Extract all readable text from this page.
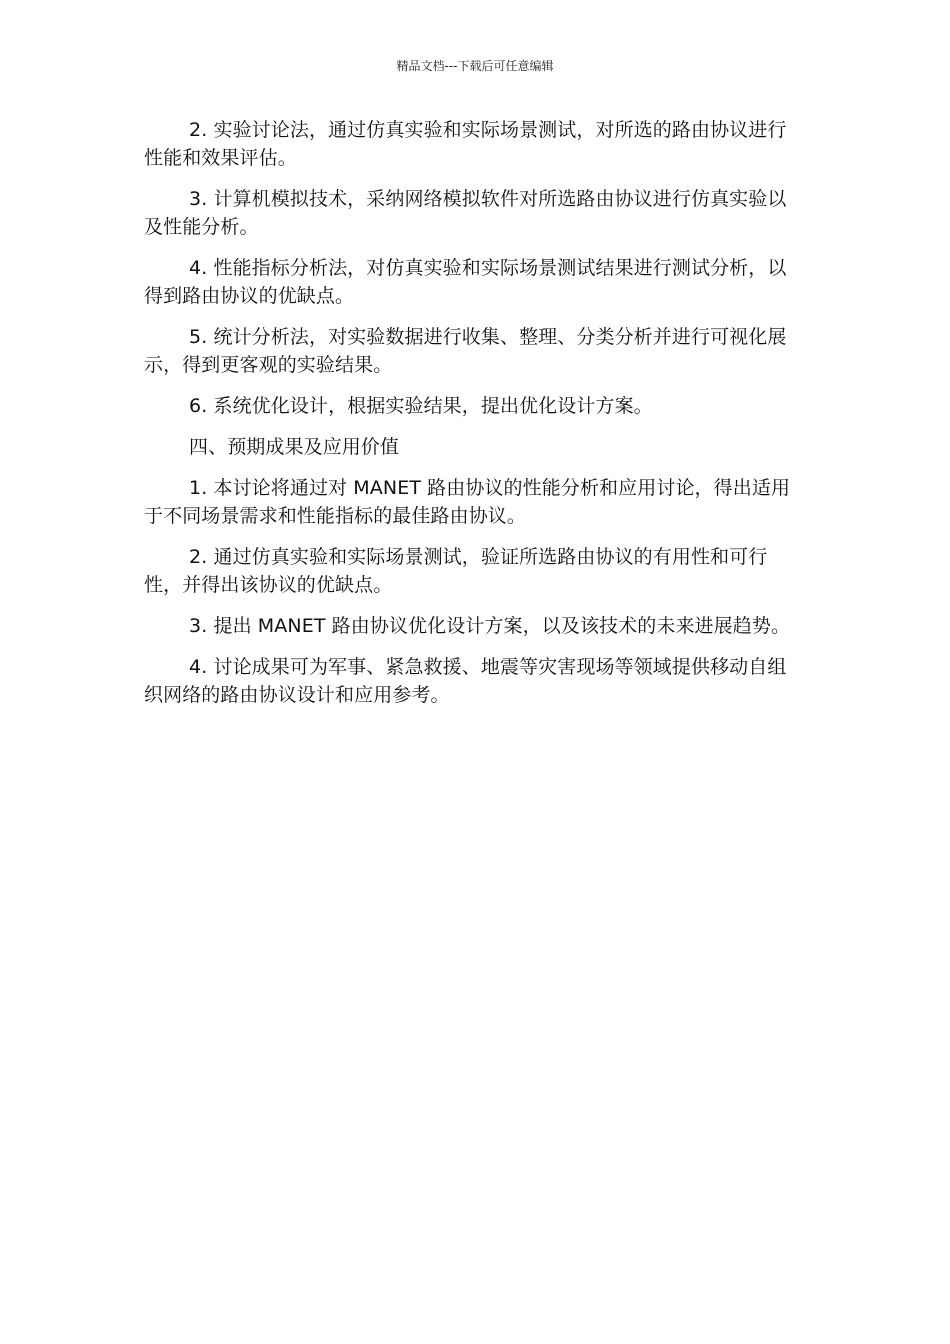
精品文档---下载后可任意编辑

2. 实验讨论法，通过仿真实验和实际场景测试，对所选的路由协议进行性能和效果评估。

3. 计算机模拟技术，采纳网络模拟软件对所选路由协议进行仿真实验以及性能分析。

4. 性能指标分析法，对仿真实验和实际场景测试结果进行测试分析，以得到路由协议的优缺点。

5. 统计分析法，对实验数据进行收集、整理、分类分析并进行可视化展示，得到更客观的实验结果。

6. 系统优化设计，根据实验结果，提出优化设计方案。

四、预期成果及应用价值

1. 本讨论将通过对 MANET 路由协议的性能分析和应用讨论，得出适用于不同场景需求和性能指标的最佳路由协议。

2. 通过仿真实验和实际场景测试，验证所选路由协议的有用性和可行性，并得出该协议的优缺点。

3. 提出 MANET 路由协议优化设计方案，以及该技术的未来进展趋势。

4. 讨论成果可为军事、紧急救援、地震等灾害现场等领域提供移动自组织网络的路由协议设计和应用参考。
